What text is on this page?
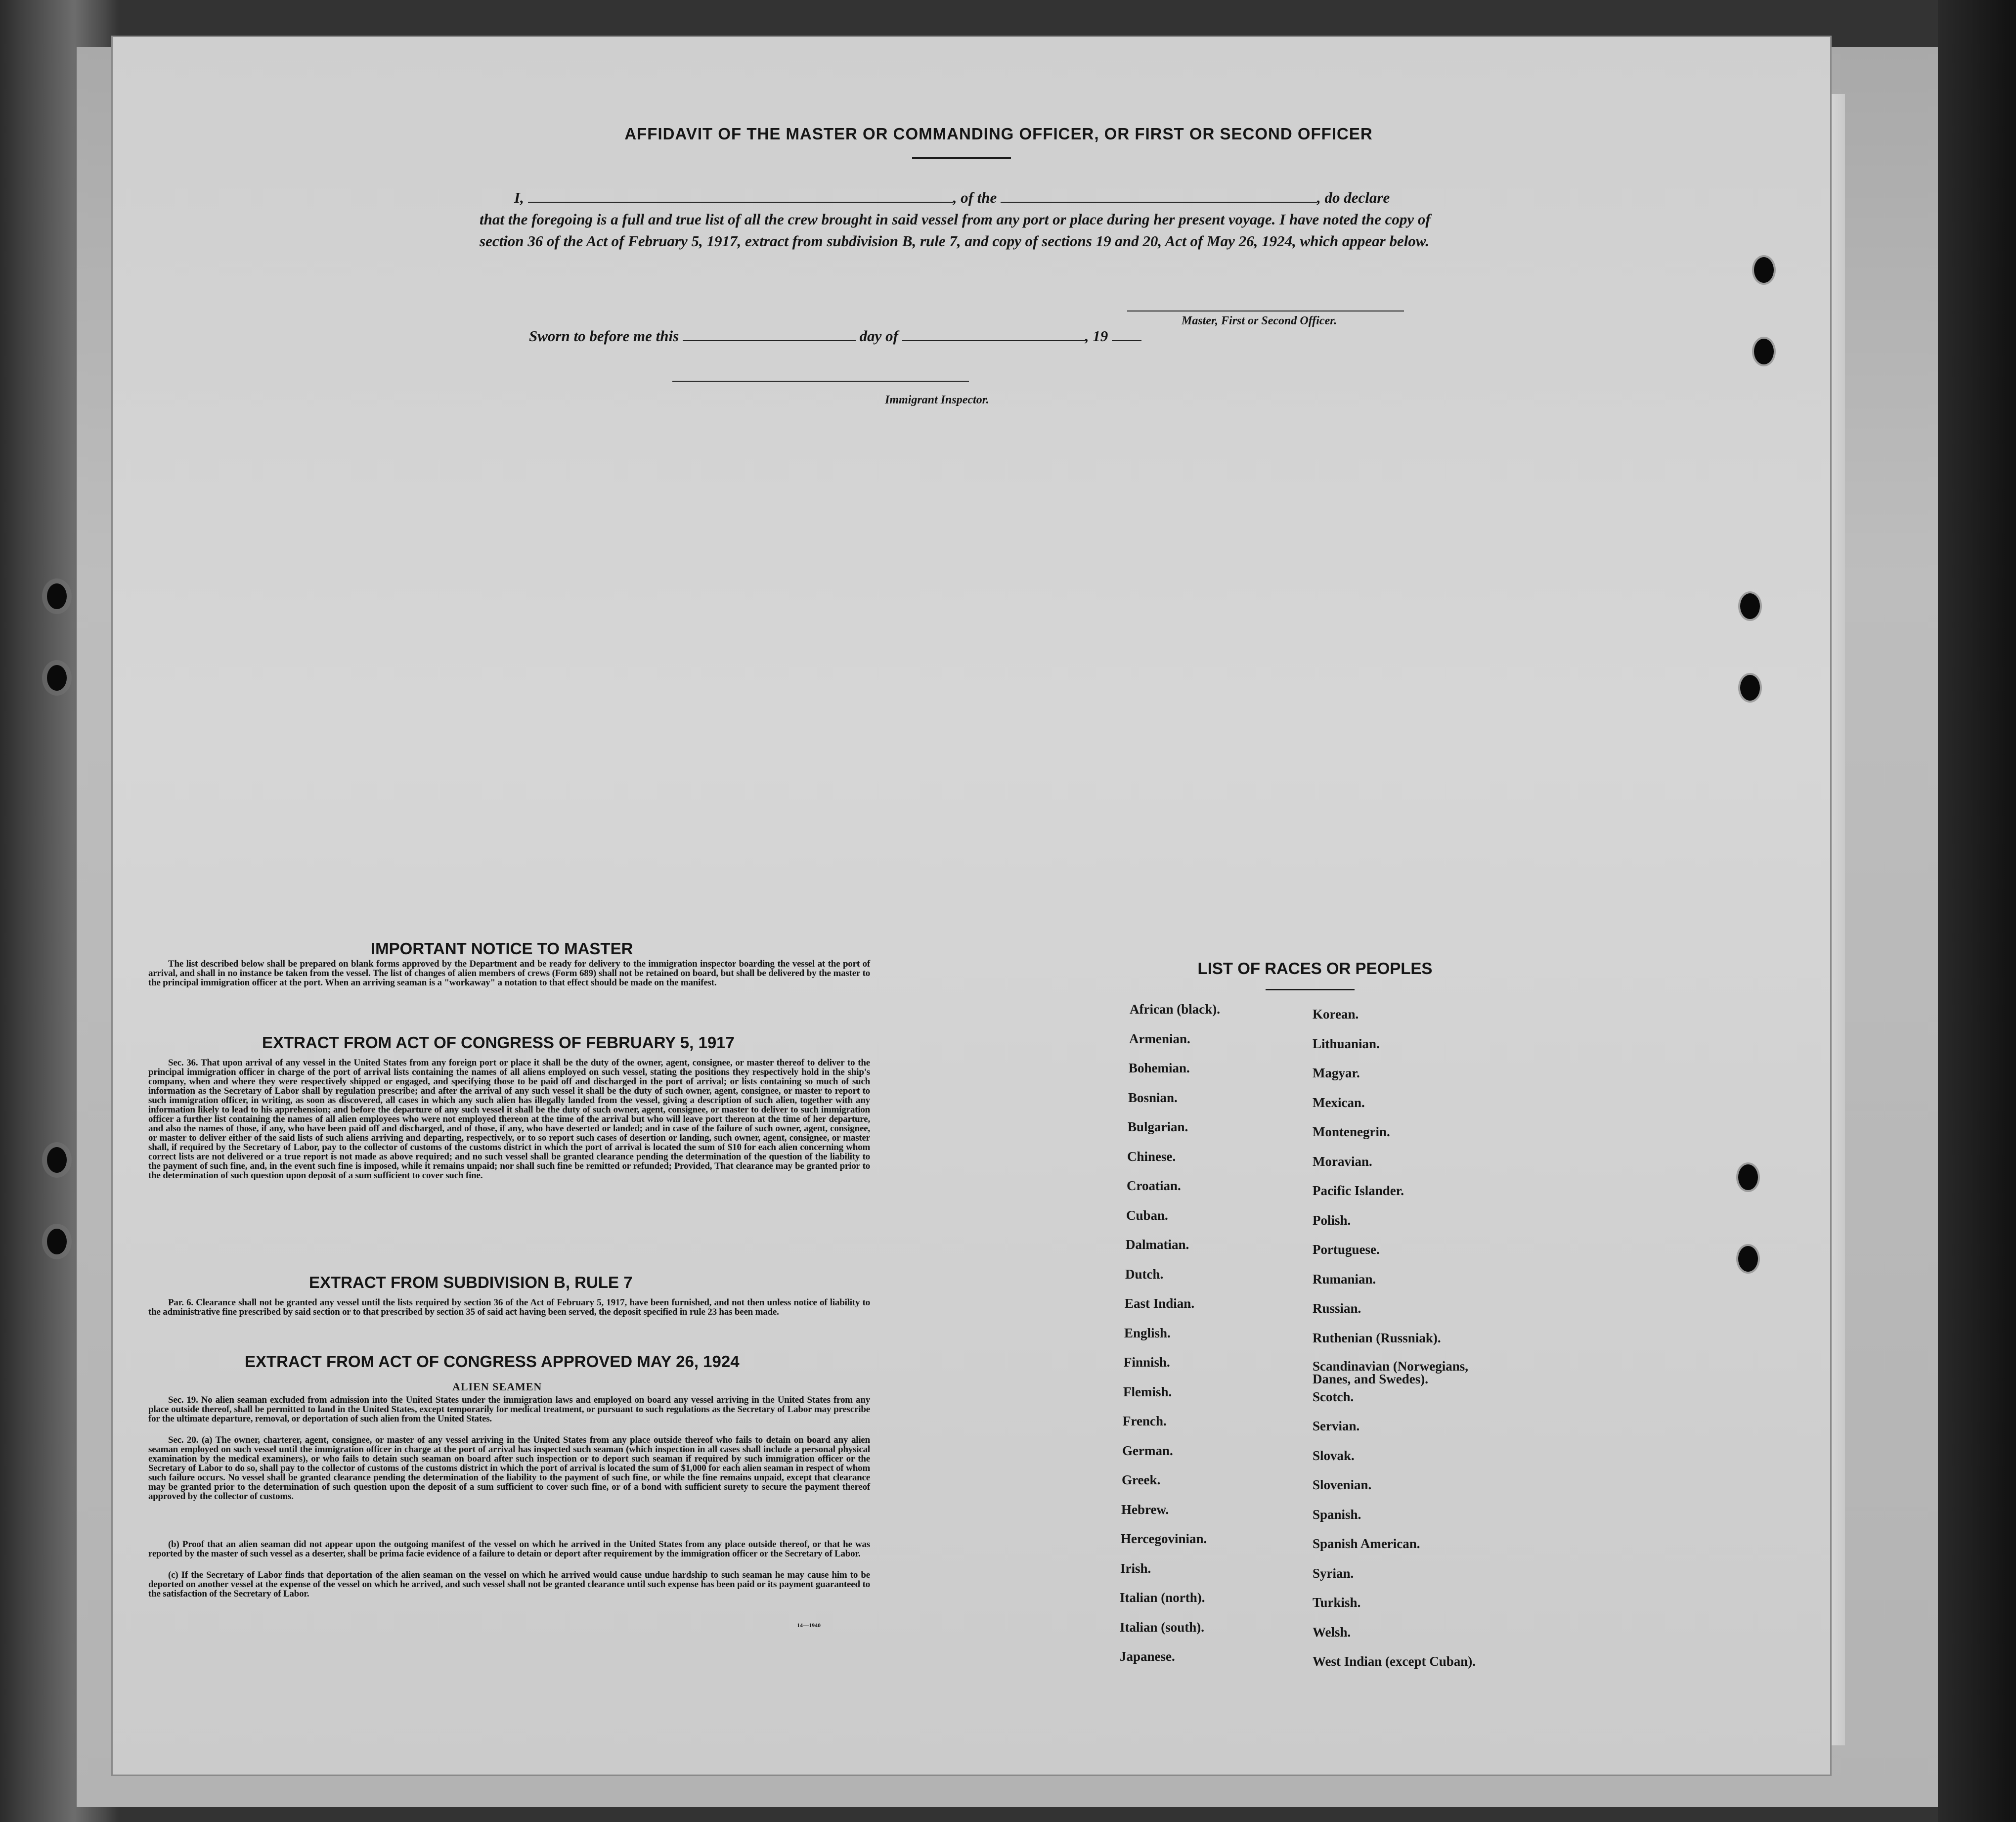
AFFIDAVIT OF THE MASTER OR COMMANDING OFFICER, OR FIRST OR SECOND OFFICER
I,	, of the	, do declare
that the foregoing is a full and true list of all the crew brought in said vessel from any port or place during her present voyage. I have noted the copy of section 36 of the Act of February 5, 1917, extract from subdivision B, rule 7, and copy of sections 19 and 20, Act of May 26, 1924, which appear below.
Master, First or Second Officer.
Sworn to before me this	day of	, 19
Immigrant Inspector.
IMPORTANT NOTICE TO MASTER
The list described below shall be prepared on blank forms approved by the Department and be ready for delivery to the immigration inspector boarding the vessel at the port of arrival, and shall in no instance be taken from the vessel. The list of changes of alien members of crews (Form 689) shall not be retained on board, but shall be delivered by the master to the principal immigration officer at the port. When an arriving seaman is a "workaway" a notation to that effect should be made on the manifest.
EXTRACT FROM ACT OF CONGRESS OF FEBRUARY 5, 1917
Sec. 36. That upon arrival of any vessel in the United States from any foreign port or place it shall be the duty of the owner, agent, consignee, or master thereof to deliver to the principal immigration officer in charge of the port of arrival lists containing the names of all aliens employed on such vessel, stating the positions they respectively hold in the ship's company, when and where they were respectively shipped or engaged, and specifying those to be paid off and discharged in the port of arrival; or lists containing so much of such information as the Secretary of Labor shall by regulation prescribe; and after the arrival of any such vessel it shall be the duty of such owner, agent, consignee, or master to report to such immigration officer, in writing, as soon as discovered, all cases in which any such alien has illegally landed from the vessel, giving a description of such alien, together with any information likely to lead to his apprehension; and before the departure of any such vessel it shall be the duty of such owner, agent, consignee, or master to deliver to such immigration officer a further list containing the names of all alien employees who were not employed thereon at the time of the arrival but who will leave port thereon at the time of her departure, and also the names of those, if any, who have been paid off and discharged, and of those, if any, who have deserted or landed; and in case of the failure of such owner, agent, consignee, or master to deliver either of the said lists of such aliens arriving and departing, respectively, or to so report such cases of desertion or landing, such owner, agent, consignee, or master shall, if required by the Secretary of Labor, pay to the collector of customs of the customs district in which the port of arrival is located the sum of $10 for each alien concerning whom correct lists are not delivered or a true report is not made as above required; and no such vessel shall be granted clearance pending the determination of the question of the liability to the payment of such fine, and, in the event such fine is imposed, while it remains unpaid; nor shall such fine be remitted or refunded; Provided, That clearance may be granted prior to the determination of such question upon deposit of a sum sufficient to cover such fine.
EXTRACT FROM SUBDIVISION B, RULE 7
Par. 6. Clearance shall not be granted any vessel until the lists required by section 36 of the Act of February 5, 1917, have been furnished, and not then unless notice of liability to the administrative fine prescribed by said section or to that prescribed by section 35 of said act having been served, the deposit specified in rule 23 has been made.
EXTRACT FROM ACT OF CONGRESS APPROVED MAY 26, 1924
ALIEN SEAMEN
Sec. 19. No alien seaman excluded from admission into the United States under the immigration laws and employed on board any vessel arriving in the United States from any place outside thereof, shall be permitted to land in the United States, except temporarily for medical treatment, or pursuant to such regulations as the Secretary of Labor may prescribe for the ultimate departure, removal, or deportation of such alien from the United States.
Sec. 20. (a) The owner, charterer, agent, consignee, or master of any vessel arriving in the United States from any place outside thereof who fails to detain on board any alien seaman employed on such vessel until the immigration officer in charge at the port of arrival has inspected such seaman (which inspection in all cases shall include a personal physical examination by the medical examiners), or who fails to detain such seaman on board after such inspection or to deport such seaman if required by such immigration officer or the Secretary of Labor to do so, shall pay to the collector of customs of the customs district in which the port of arrival is located the sum of $1,000 for each alien seaman in respect of whom such failure occurs. No vessel shall be granted clearance pending the determination of the liability to the payment of such fine, or while the fine remains unpaid, except that clearance may be granted prior to the determination of such question upon the deposit of a sum sufficient to cover such fine, or of a bond with sufficient surety to secure the payment thereof approved by the collector of customs.
(b) Proof that an alien seaman did not appear upon the outgoing manifest of the vessel on which he arrived in the United States from any place outside thereof, or that he was reported by the master of such vessel as a deserter, shall be prima facie evidence of a failure to detain or deport after requirement by the immigration officer or the Secretary of Labor.
(c) If the Secretary of Labor finds that deportation of the alien seaman on the vessel on which he arrived would cause undue hardship to such seaman he may cause him to be deported on another vessel at the expense of the vessel on which he arrived, and such vessel shall not be granted clearance until such expense has been paid or its payment guaranteed to the satisfaction of the Secretary of Labor.
14—1940
LIST OF RACES OR PEOPLES
African (black).
Armenian.
Bohemian.
Bosnian.
Bulgarian.
Chinese.
Croatian.
Cuban.
Dalmatian.
Dutch.
East Indian.
English.
Finnish.
Flemish.
French.
German.
Greek.
Hebrew.
Hercegovinian.
Irish.
Italian (north).
Italian (south).
Japanese.
Korean.
Lithuanian.
Magyar.
Mexican.
Montenegrin.
Moravian.
Pacific Islander.
Polish.
Portuguese.
Rumanian.
Russian.
Ruthenian (Russniak).
Scandinavian (Norwegians, Danes, and Swedes).
Scotch.
Servian.
Slovak.
Slovenian.
Spanish.
Spanish American.
Syrian.
Turkish.
Welsh.
West Indian (except Cuban).
